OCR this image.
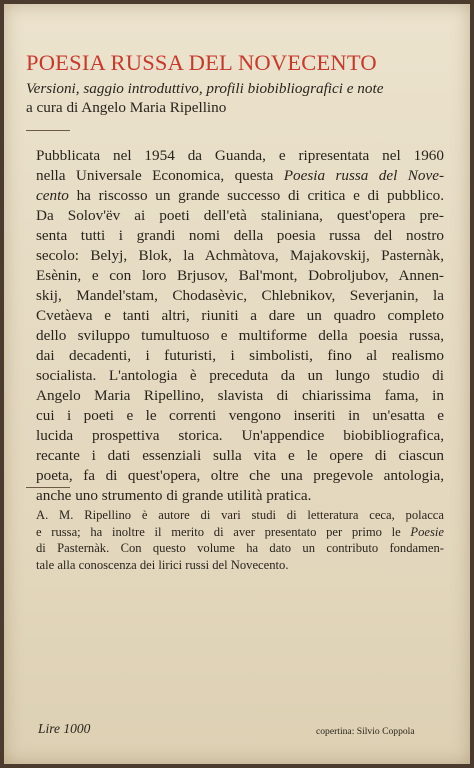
POESIA RUSSA DEL NOVECENTO
Versioni, saggio introduttivo, profili biobibliografici e note
a cura di Angelo Maria Ripellino
Pubblicata nel 1954 da Guanda, e ripresentata nel 1960
nella Universale Economica, questa Poesia russa del Nove-
cento ha riscosso un grande successo di critica e di pubblico.
Da Solov'ëv ai poeti dell'età staliniana, quest'opera pre-
senta tutti i grandi nomi della poesia russa del nostro
secolo: Belyj, Blok, la Achmàtova, Majakovskij, Pasternàk,
Esènin, e con loro Brjusov, Bal'mont, Dobroljubov, Annen-
skij, Mandel'stam, Chodasèvic, Chlebnikov, Severjanin, la
Cvetàeva e tanti altri, riuniti a dare un quadro completo
dello sviluppo tumultuoso e multiforme della poesia russa,
dai decadenti, i futuristi, i simbolisti, fino al realismo
socialista. L'antologia è preceduta da un lungo studio di
Angelo Maria Ripellino, slavista di chiarissima fama, in
cui i poeti e le correnti vengono inseriti in un'esatta e
lucida prospettiva storica. Un'appendice biobibliografica,
recante i dati essenziali sulla vita e le opere di ciascun
poeta, fa di quest'opera, oltre che una pregevole antologia,
anche uno strumento di grande utilità pratica.
A. M. Ripellino è autore di vari studi di letteratura ceca, polacca
e russa; ha inoltre il merito di aver presentato per primo le Poesie
di Pasternàk. Con questo volume ha dato un contributo fondamen-
tale alla conoscenza dei lirici russi del Novecento.
Lire 1000	copertina: Silvio Coppola
